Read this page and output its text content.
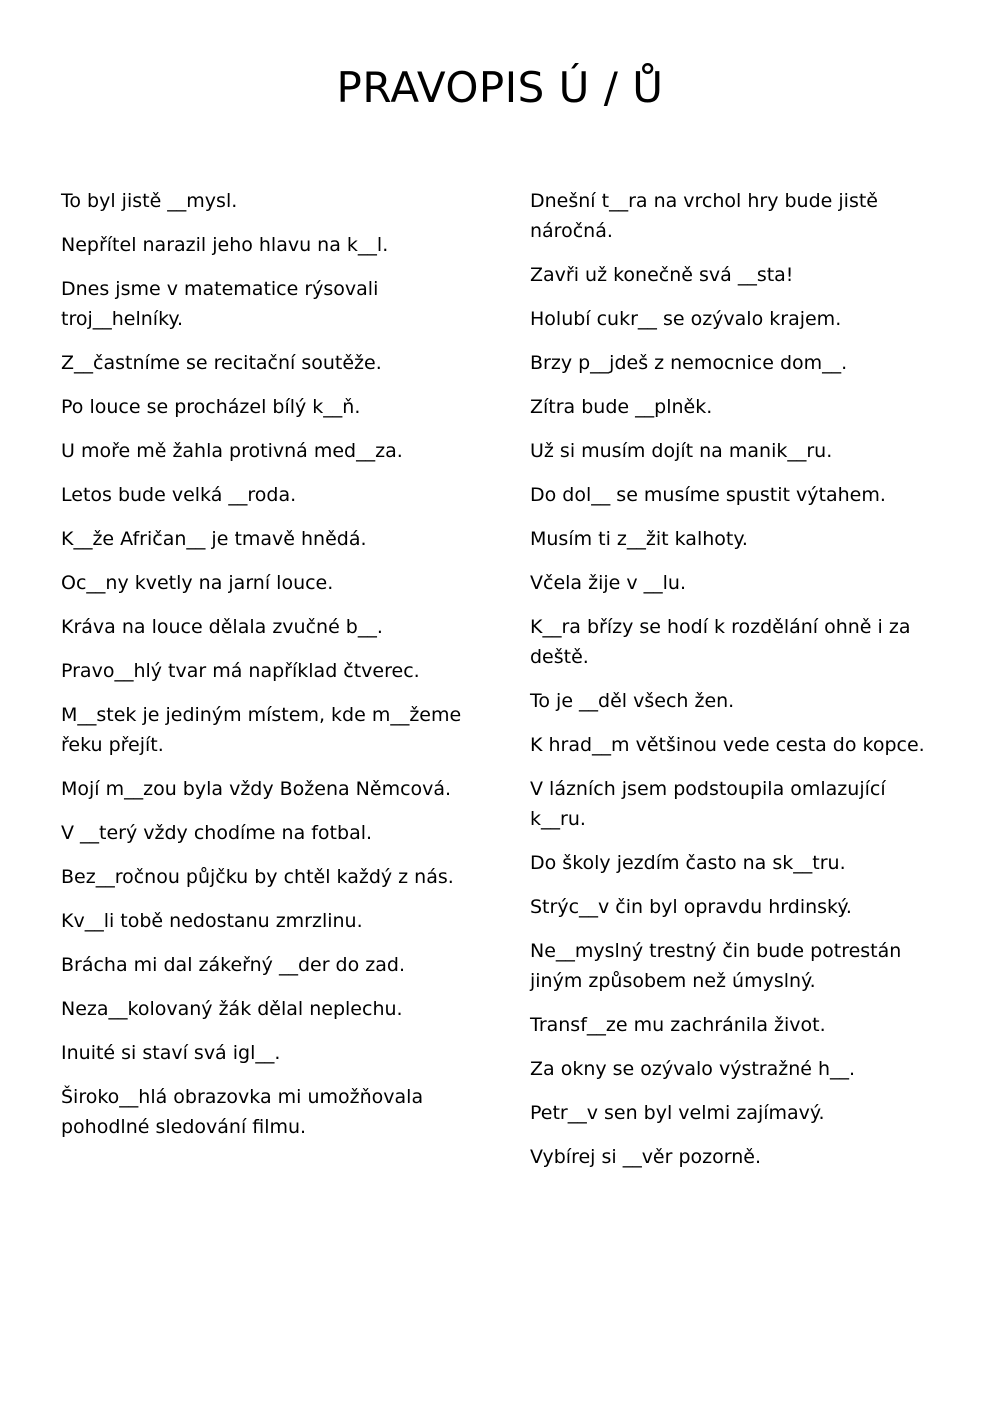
PRAVOPIS Ú / Ů

To byl jistě __mysl.

Nepřítel narazil jeho hlavu na k__l.

Dnes jsme v matematice rýsovali troj__helníky.

Z__častníme se recitační soutěže.

Po louce se procházel bílý k__ň.

U moře mě žahla protivná med__za.

Letos bude velká __roda.

K__že Afričan__ je tmavě hnědá.

Oc__ny kvetly na jarní louce.

Kráva na louce dělala zvučné b__.

Pravo__hlý tvar má například čtverec.

M__stek je jediným místem, kde m__žeme řeku přejít.

Mojí m__zou byla vždy Božena Němcová.

V __terý vždy chodíme na fotbal.

Bez__ročnou půjčku by chtěl každý z nás.

Kv__li tobě nedostanu zmrzlinu.

Brácha mi dal zákeřný __der do zad.

Neza__kolovaný žák dělal neplechu.

Inuité si staví svá igl__.

Široko__hlá obrazovka mi umožňovala pohodlné sledování filmu.

Dnešní t__ra na vrchol hry bude jistě náročná.

Zavři už konečně svá __sta!

Holubí cukr__ se ozývalo krajem.

Brzy p__jdeš z nemocnice dom__.

Zítra bude __plněk.

Už si musím dojít na manik__ru.

Do dol__ se musíme spustit výtahem.

Musím ti z__žit kalhoty.

Včela žije v __lu.

K__ra břízy se hodí k rozdělání ohně i za deště.

To je __děl všech žen.

K hrad__m většinou vede cesta do kopce.

V lázních jsem podstoupila omlazující k__ru.

Do školy jezdím často na sk__tru.

Strýc__v čin byl opravdu hrdinský.

Ne__myslný trestný čin bude potrestán jiným způsobem než úmyslný.

Transf__ze mu zachránila život.

Za okny se ozývalo výstražné h__.

Petr__v sen byl velmi zajímavý.

Vybírej si __věr pozorně.
